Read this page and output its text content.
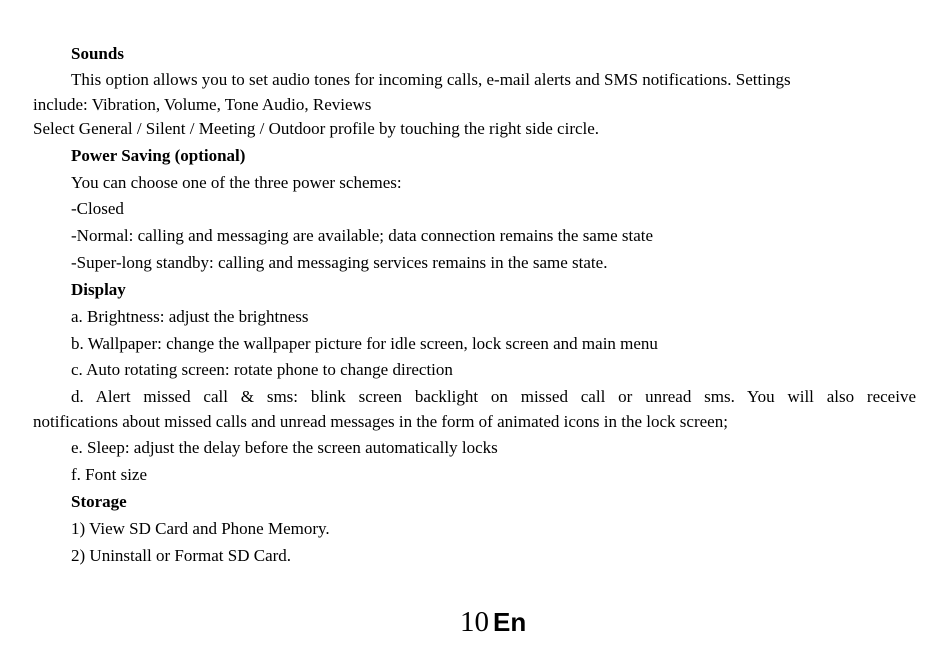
Sounds
This option allows you to set audio tones for incoming calls, e-mail alerts and SMS notifications. Settings
include: Vibration, Volume, Tone Audio, Reviews
Select General / Silent / Meeting / Outdoor profile by touching the right side circle.
Power Saving (optional)
You can choose one of the three power schemes:
-Closed
-Normal: calling and messaging are available; data connection remains the same state
-Super-long standby: calling and messaging services remains in the same state.
Display
a. Brightness: adjust the brightness
b. Wallpaper: change the wallpaper picture for idle screen, lock screen and main menu
c. Auto rotating screen: rotate phone to change direction
d. Alert missed call & sms: blink screen backlight on missed call or unread sms. You will also receive
notifications about missed calls and unread messages in the form of animated icons in the lock screen;
e. Sleep: adjust the delay before the screen automatically locks
f. Font size
Storage
1) View SD Card and Phone Memory.
2) Uninstall or Format SD Card.
10 En
